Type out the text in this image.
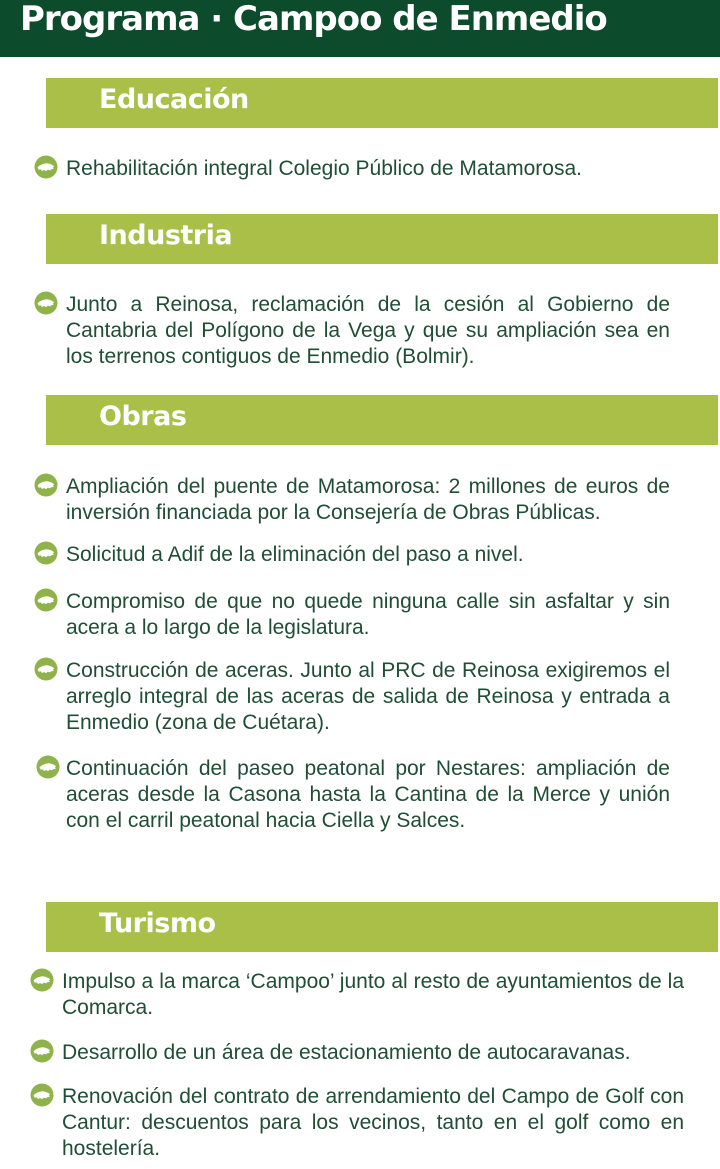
Programa · Campoo de Enmedio
Educación
Rehabilitación integral Colegio Público de Matamorosa.
Industria
Junto a Reinosa, reclamación de la cesión al Gobierno de Cantabria del Polígono de la Vega y que su ampliación sea en los terrenos contiguos de Enmedio (Bolmir).
Obras
Ampliación del puente de Matamorosa: 2 millones de euros de inversión financiada por la Consejería de Obras Públicas.
Solicitud a Adif de la eliminación del paso a nivel.
Compromiso de que no quede ninguna calle sin asfaltar y sin acera a lo largo de la legislatura.
Construcción de aceras. Junto al PRC de Reinosa exigiremos el arreglo integral de las aceras de salida de Reinosa y entrada a Enmedio (zona de Cuétara).
Continuación del paseo peatonal por Nestares: ampliación de aceras desde la Casona hasta la Cantina de la Merce y unión con el carril peatonal hacia Ciella y Salces.
Turismo
Impulso a la marca ‘Campoo’ junto al resto de ayuntamientos de la Comarca.
Desarrollo de un área de estacionamiento de autocaravanas.
Renovación del contrato de arrendamiento del Campo de Golf con Cantur: descuentos para los vecinos, tanto en el golf como en hostelería.
